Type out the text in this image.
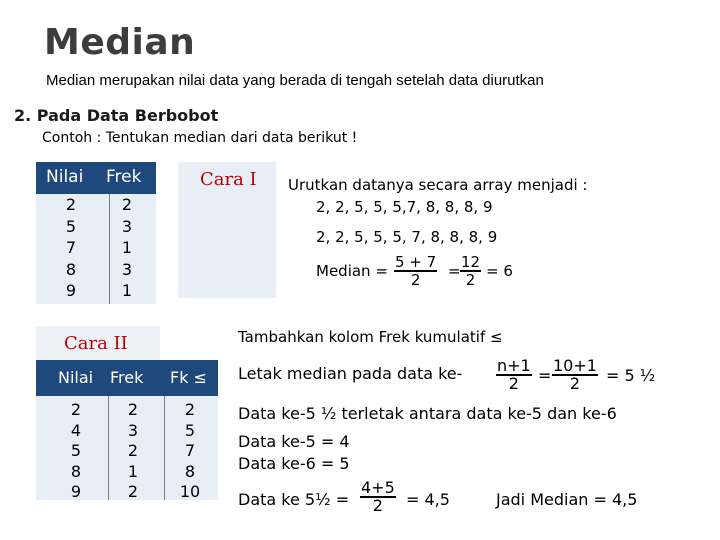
Median
Median merupakan nilai data yang berada di tengah setelah data diurutkan
2. Pada Data Berbobot
Contoh : Tentukan median dari data berikut !
Nilai Frek
2
5
7
8
9
2
3
1
3
1
Cara I Urutkan datanya secara array menjadi :
2, 2, 5, 5, 5,7, 8, 8, 8, 9
2, 2, 5, 5, 5, 7, 8, 8, 8, 9
Median = $\frac{5 + 7}{2} = \frac{12}{2} = 6$
Cara II	Tambahkan kolom Frek kumulatif ≤
Nilai Frek Fk ≤
2
4
5
8
9
2
3
2
1
2
2
5
7
8
10
Letak median pada data $ke- \frac{n+1}{2} = \frac{10+1}{2} = 5$ ½
Data ke-5 ½ terletak antara data ke-5 dan ke-6
Data ke-5 = 4
Data ke-6 = 5
Data ke 5½ = $\frac{4+5}{2} = 4,5$	Jadi Median = 4,5
